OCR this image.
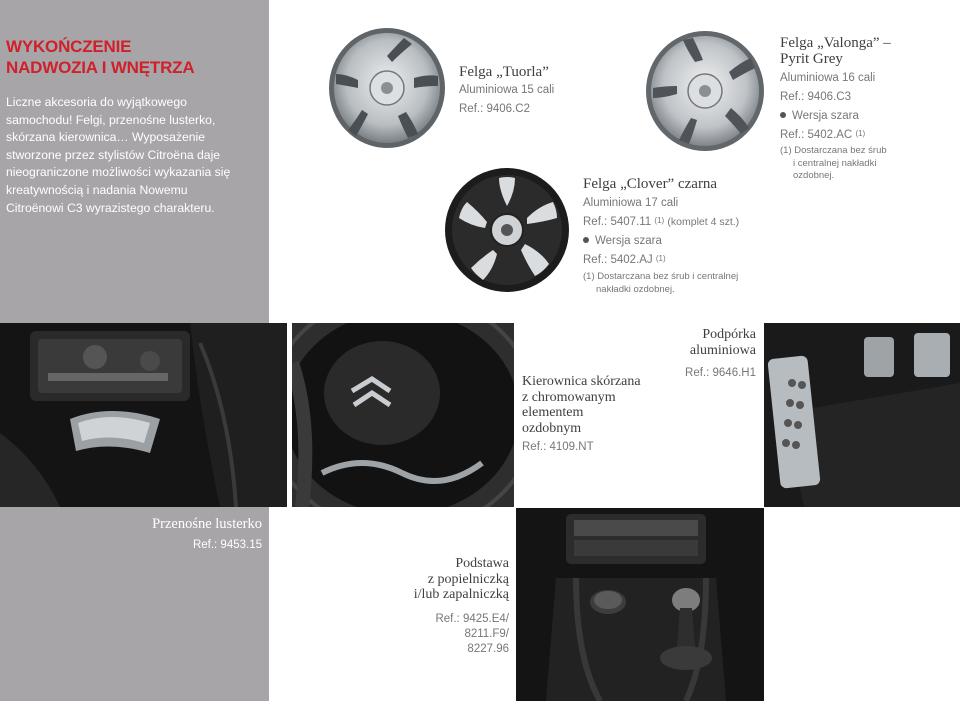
WYKOŃCZENIE
NADWOZIA I WNĘTRZA
Liczne akcesoria do wyjątkowego
samochodu! Felgi, przenośne lusterko,
skórzana kierownica… Wyposażenie
stworzone przez stylistów Citroëna daje
nieograniczone możliwości wykazania się
kreatywnością i nadania Nowemu
Citroënowi C3 wyrazistego charakteru.
Felga „Tuorla”
Aluminiowa 15 cali
Ref.: 9406.C2
Felga „Clover” czarna
Aluminiowa 17 cali
Ref.: 5407.11 $^{(1)}$ (komplet 4 szt.)
Wersja szara
Ref.: 5402.AJ $^{(1)}$
(1) Dostarczana bez śrub i centralnej
nakładki ozdobnej.
Felga „Valonga” –
Pyrit Grey
Aluminiowa 16 cali
Ref.: 9406.C3
Wersja szara
Ref.: 5402.AC $^{(1)}$
(1) Dostarczana bez śrub
i centralnej nakładki
ozdobnej.
Kierownica skórzana
z chromowanym
elementem
ozdobnym
Ref.: 4109.NT
Podpórka
aluminiowa
Ref.: 9646.H1
Przenośne lusterko
Ref.: 9453.15
Podstawa
z popielniczką
i/lub zapalniczką
Ref.: 9425.E4/
8211.F9/
8227.96
